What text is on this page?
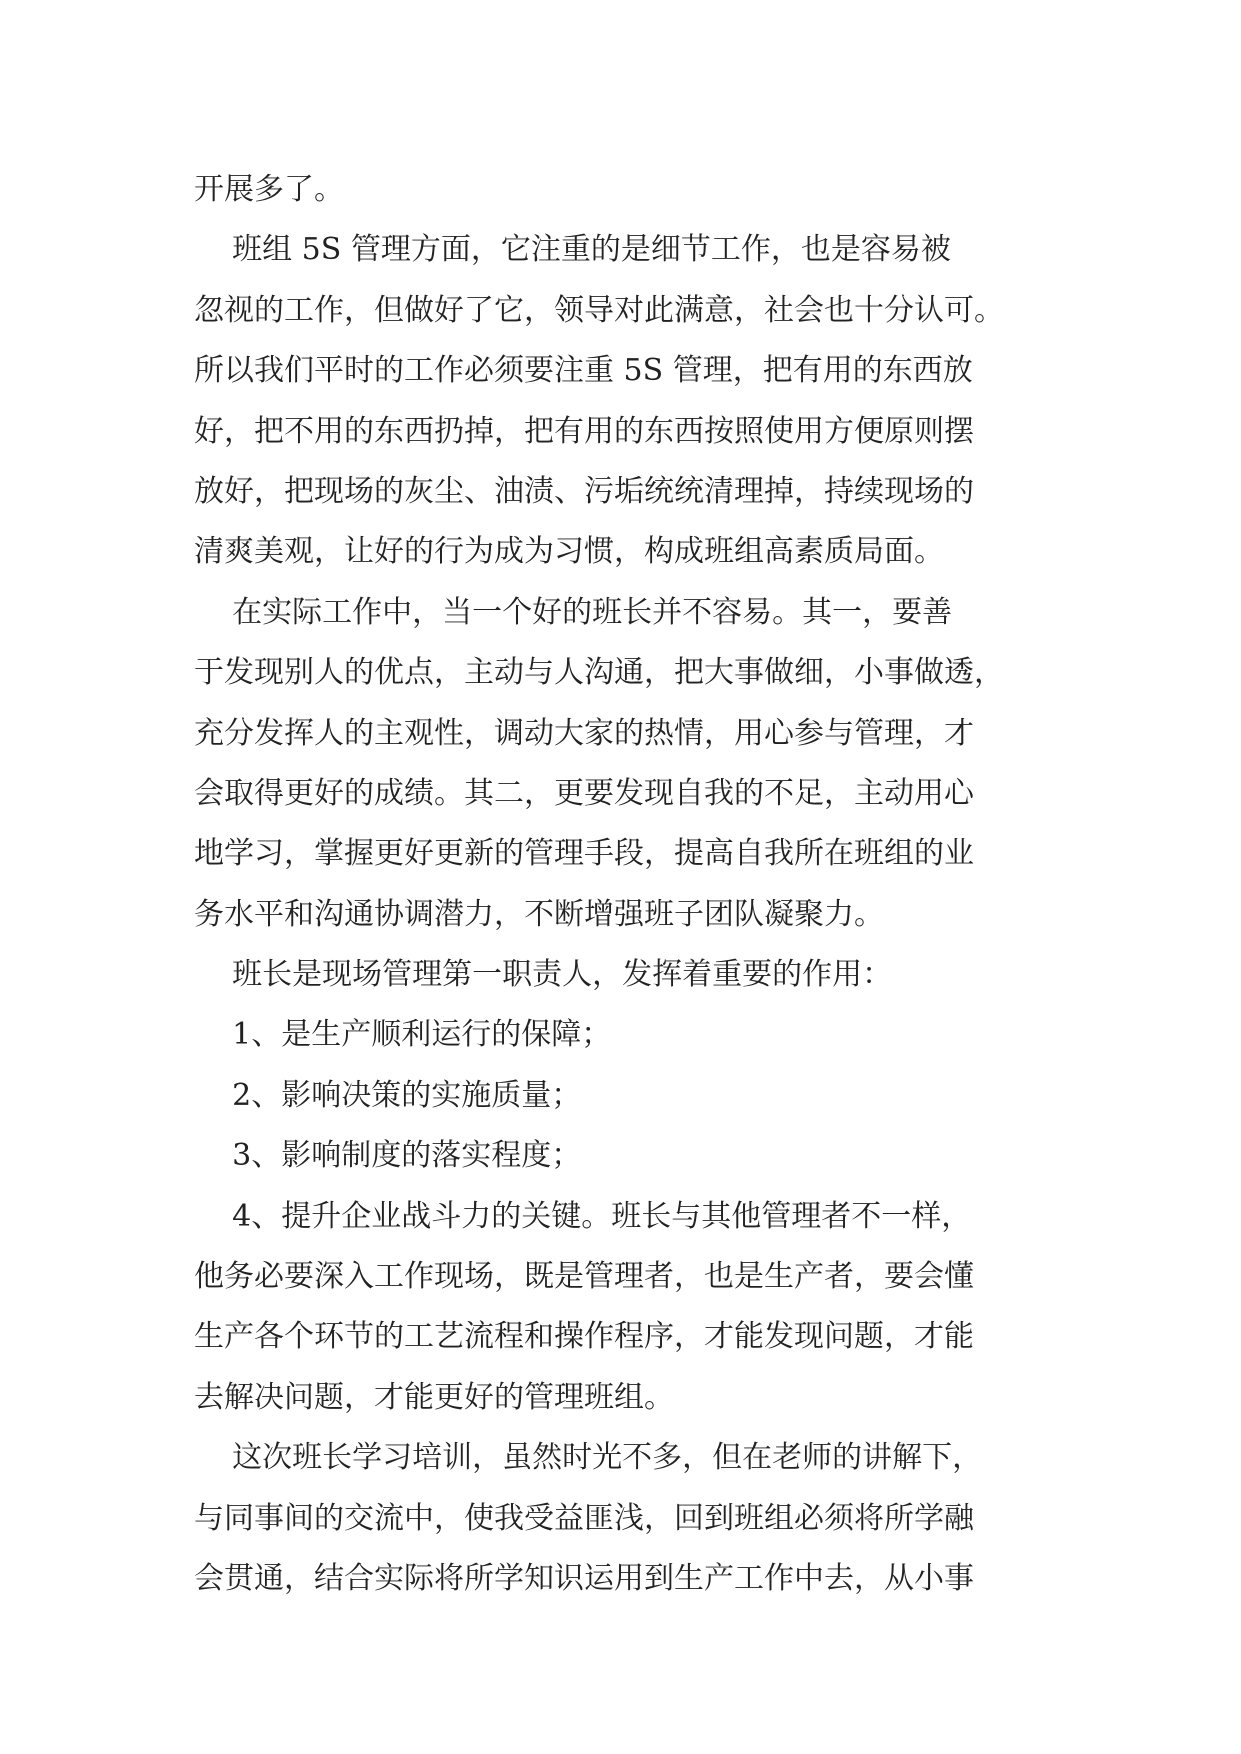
开展多了。
班组 5S 管理方面，它注重的是细节工作，也是容易被
忽视的工作，但做好了它，领导对此满意，社会也十分认可。
所以我们平时的工作必须要注重 5S 管理，把有用的东西放
好，把不用的东西扔掉，把有用的东西按照使用方便原则摆
放好，把现场的灰尘、油渍、污垢统统清理掉，持续现场的
清爽美观，让好的行为成为习惯，构成班组高素质局面。
在实际工作中，当一个好的班长并不容易。其一，要善
于发现别人的优点，主动与人沟通，把大事做细，小事做透，
充分发挥人的主观性，调动大家的热情，用心参与管理，才
会取得更好的成绩。其二，更要发现自我的不足，主动用心
地学习，掌握更好更新的管理手段，提高自我所在班组的业
务水平和沟通协调潜力，不断增强班子团队凝聚力。
班长是现场管理第一职责人，发挥着重要的作用：
1、是生产顺利运行的保障；
2、影响决策的实施质量；
3、影响制度的落实程度；
4、提升企业战斗力的关键。班长与其他管理者不一样，
他务必要深入工作现场，既是管理者，也是生产者，要会懂
生产各个环节的工艺流程和操作程序，才能发现问题，才能
去解决问题，才能更好的管理班组。
这次班长学习培训，虽然时光不多，但在老师的讲解下，
与同事间的交流中，使我受益匪浅，回到班组必须将所学融
会贯通，结合实际将所学知识运用到生产工作中去，从小事
